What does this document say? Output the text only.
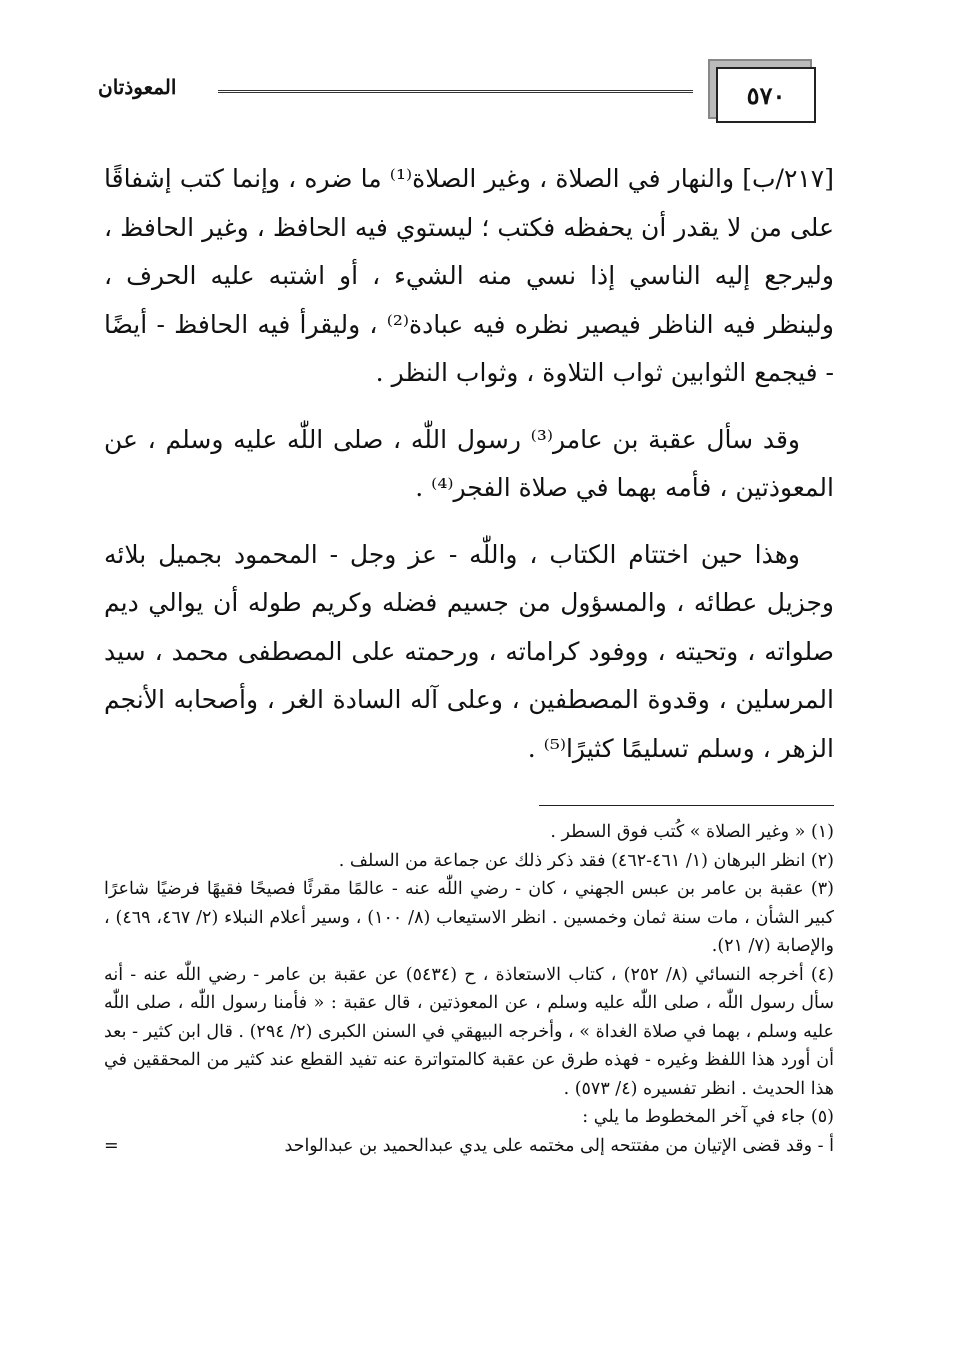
٥٧٠
المعوذتان

[٢١٧/ب] والنهار في الصلاة ، وغير الصلاة⁽¹⁾ ما ضره ، وإنما كتب إشفاقًا على من لا يقدر أن يحفظه فكتب ؛ ليستوي فيه الحافظ ، وغير الحافظ ، وليرجع إليه الناسي إذا نسي منه الشيء ، أو اشتبه عليه الحرف ، ولينظر فيه الناظر فيصير نظره فيه عبادة⁽²⁾ ، وليقرأ فيه الحافظ - أيضًا - فيجمع الثوابين ثواب التلاوة ، وثواب النظر .

وقد سأل عقبة بن عامر⁽³⁾ رسول اللّٰه ، صلى اللّٰه عليه وسلم ، عن المعوذتين ، فأمه بهما في صلاة الفجر⁽⁴⁾ .

وهذا حين اختتام الكتاب ، واللّٰه - عز وجل - المحمود بجميل بلائه وجزيل عطائه ، والمسؤول من جسيم فضله وكريم طوله أن يوالي ديم صلواته ، وتحيته ، ووفود كراماته ، ورحمته على المصطفى محمد ، سيد المرسلين ، وقدوة المصطفين ، وعلى آله السادة الغر ، وأصحابه الأنجم الزهر ، وسلم تسليمًا كثيرًا⁽⁵⁾ .

(١) « وغير الصلاة » كُتب فوق السطر .

(٢) انظر البرهان (١/ ٤٦١-٤٦٢) فقد ذكر ذلك عن جماعة من السلف .

(٣) عقبة بن عامر بن عبس الجهني ، كان - رضي اللّٰه عنه - عالمًا مقرئًا فصيحًا فقيهًا فرضيًا شاعرًا كبير الشأن ، مات سنة ثمان وخمسين . انظر الاستيعاب (٨/ ١٠٠) ، وسير أعلام النبلاء (٢/ ٤٦٧، ٤٦٩) ، والإصابة (٧/ ٢١).

(٤) أخرجه النسائي (٨/ ٢٥٢) ، كتاب الاستعاذة ، ح (٥٤٣٤) عن عقبة بن عامر - رضي اللّٰه عنه - أنه سأل رسول اللّٰه ، صلى اللّٰه عليه وسلم ، عن المعوذتين ، قال عقبة : « فأمنا رسول اللّٰه ، صلى اللّٰه عليه وسلم ، بهما في صلاة الغداة » ، وأخرجه البيهقي في السنن الكبرى (٢/ ٢٩٤) . قال ابن كثير - بعد أن أورد هذا اللفظ وغيره - فهذه طرق عن عقبة كالمتواترة عنه تفيد القطع عند كثير من المحققين في هذا الحديث . انظر تفسيره (٤/ ٥٧٣) .

(٥) جاء في آخر المخطوط ما يلي :

أ - وقد قضى الإتيان من مفتتحه إلى مختمه على يدي عبدالحميد بن عبدالواحد
=
